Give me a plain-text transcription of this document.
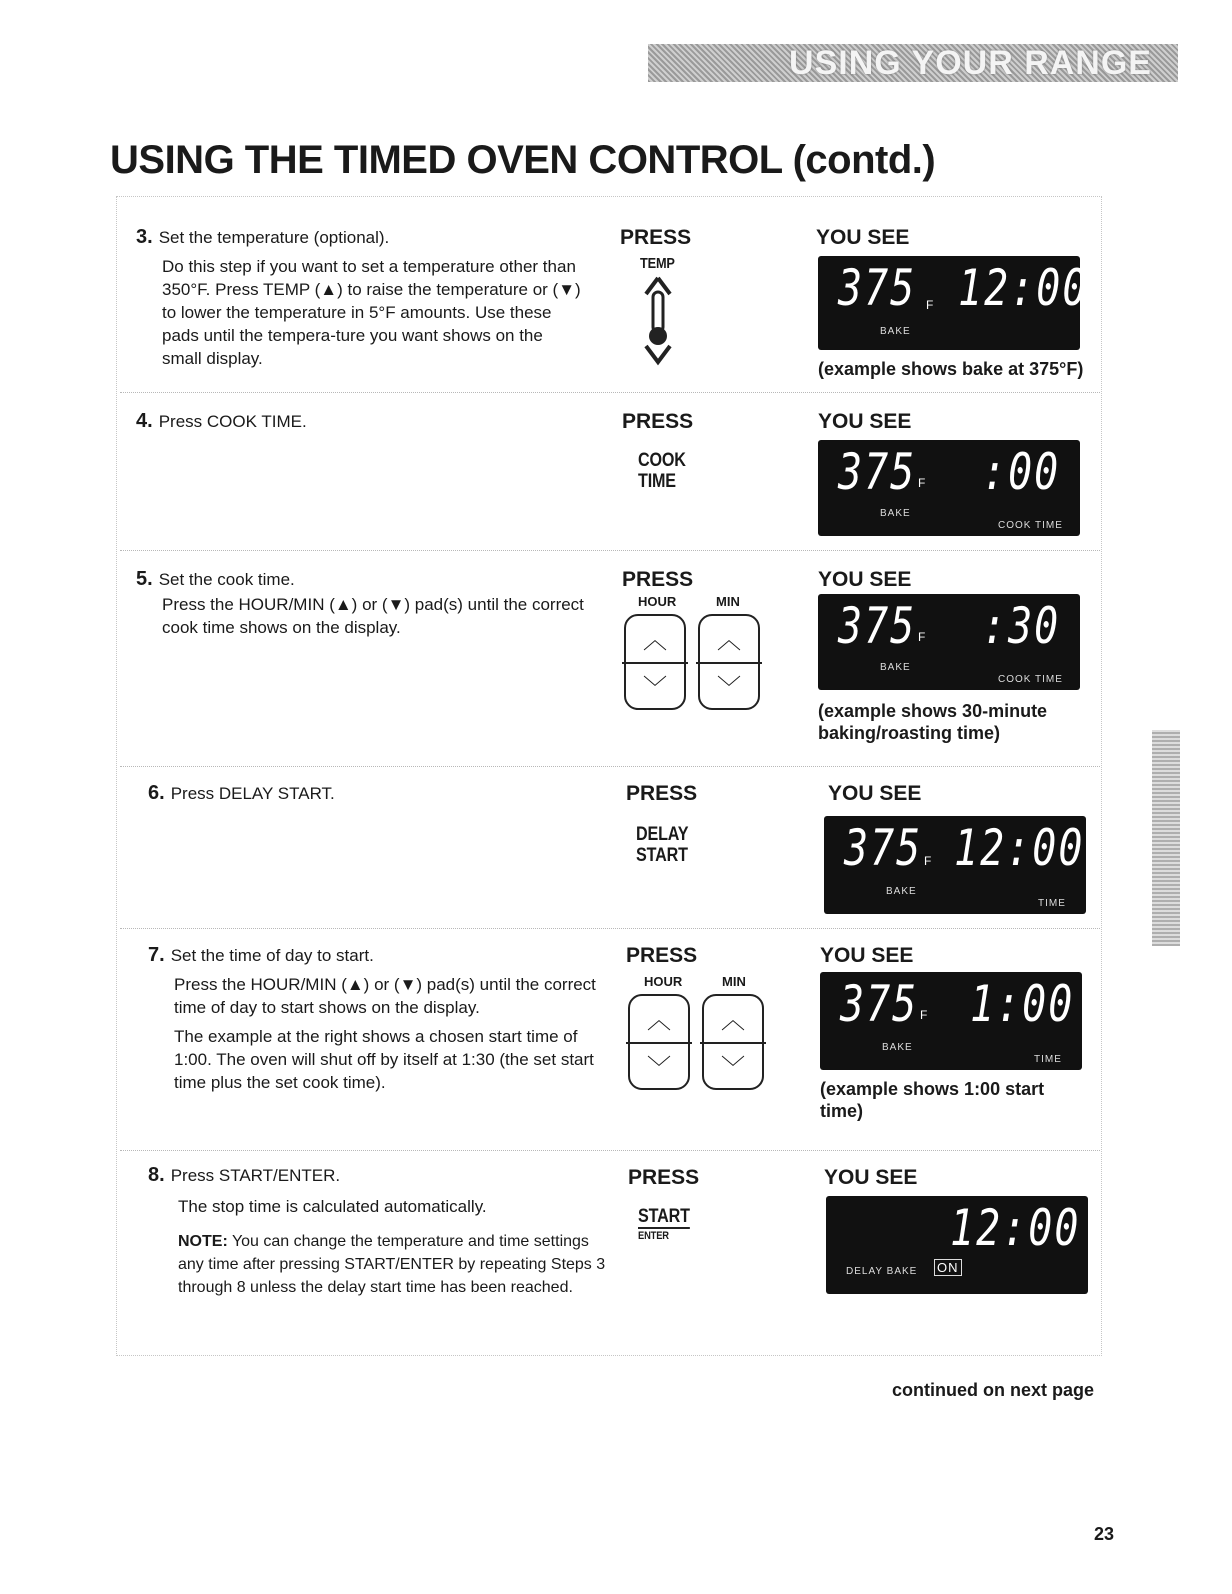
USING YOUR RANGE
USING THE TIMED OVEN CONTROL (contd.)
3. Set the temperature (optional).

Do this step if you want to set a temperature other than 350°F. Press TEMP (▲) to raise the temperature or (▼) to lower the temperature in 5°F amounts. Use these pads until the tempera-ture you want shows on the small display.

PRESS
TEMP
YOU SEE
375 F 12:00
BAKE
(example shows bake at 375°F)
4. Press COOK TIME.	PRESS
COOK
TIME
YOU SEE
375 F :00
BAKE
COOK TIME
5. Set the cook time.

Press the HOUR/MIN (▲) or (▼) pad(s) until the correct cook time shows on the display.

PRESS
HOUR	MIN
︿
﹀
︿
﹀
YOU SEE
375 F :30
BAKE
COOK TIME
(example shows 30-minute baking/roasting time)
6. Press DELAY START.	PRESS
DELAY
START
YOU SEE
375 F 12:00
BAKE
TIME
7. Set the time of day to start.

Press the HOUR/MIN (▲) or (▼) pad(s) until the correct time of day to start shows on the display.

The example at the right shows a chosen start time of 1:00. The oven will shut off by itself at 1:30 (the set start time plus the set cook time).

PRESS
HOUR	MIN
︿
﹀
︿
﹀
YOU SEE
375 F 1:00
BAKE
TIME
(example shows 1:00 start time)
8. Press START/ENTER.

The stop time is calculated automatically.

NOTE: You can change the temperature and time settings any time after pressing START/ENTER by repeating Steps 3 through 8 unless the delay start time has been reached.

PRESS
START
ENTER
YOU SEE
12:00
DELAY BAKE ON
continued on next page
23
